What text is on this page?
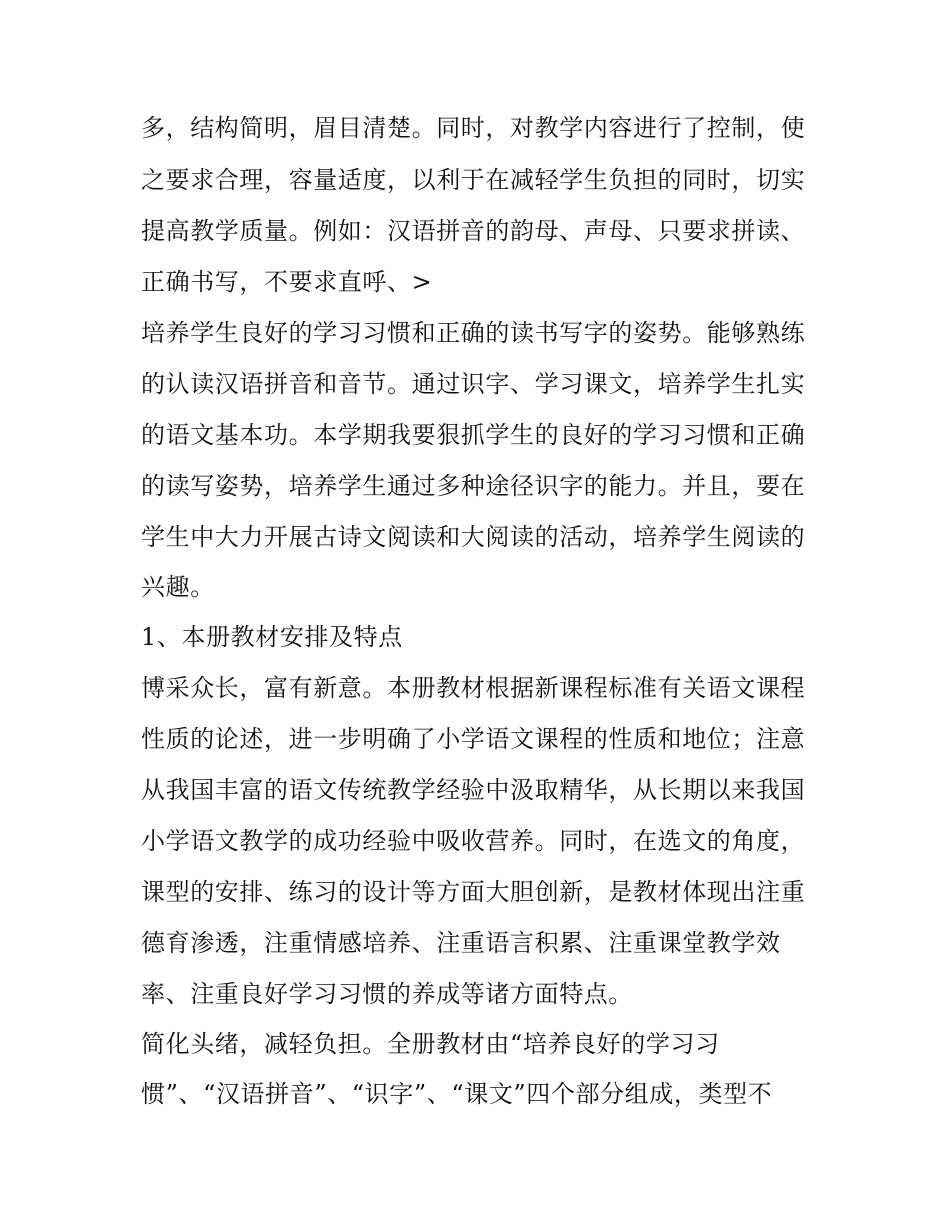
多，结构简明，眉目清楚。同时，对教学内容进行了控制，使
之要求合理，容量适度，以利于在减轻学生负担的同时，切实
提高教学质量。例如：汉语拼音的韵母、声母、只要求拼读、
正确书写，不要求直呼、>
培养学生良好的学习习惯和正确的读书写字的姿势。能够熟练
的认读汉语拼音和音节。通过识字、学习课文，培养学生扎实
的语文基本功。本学期我要狠抓学生的良好的学习习惯和正确
的读写姿势，培养学生通过多种途径识字的能力。并且，要在
学生中大力开展古诗文阅读和大阅读的活动，培养学生阅读的
兴趣。
1、本册教材安排及特点
博采众长，富有新意。本册教材根据新课程标准有关语文课程
性质的论述，进一步明确了小学语文课程的性质和地位；注意
从我国丰富的语文传统教学经验中汲取精华，从长期以来我国
小学语文教学的成功经验中吸收营养。同时，在选文的角度，
课型的安排、练习的设计等方面大胆创新，是教材体现出注重
德育渗透，注重情感培养、注重语言积累、注重课堂教学效
率、注重良好学习习惯的养成等诸方面特点。
简化头绪，减轻负担。全册教材由“培养良好的学习习
惯”、“汉语拼音”、“识字”、“课文”四个部分组成，类型不
